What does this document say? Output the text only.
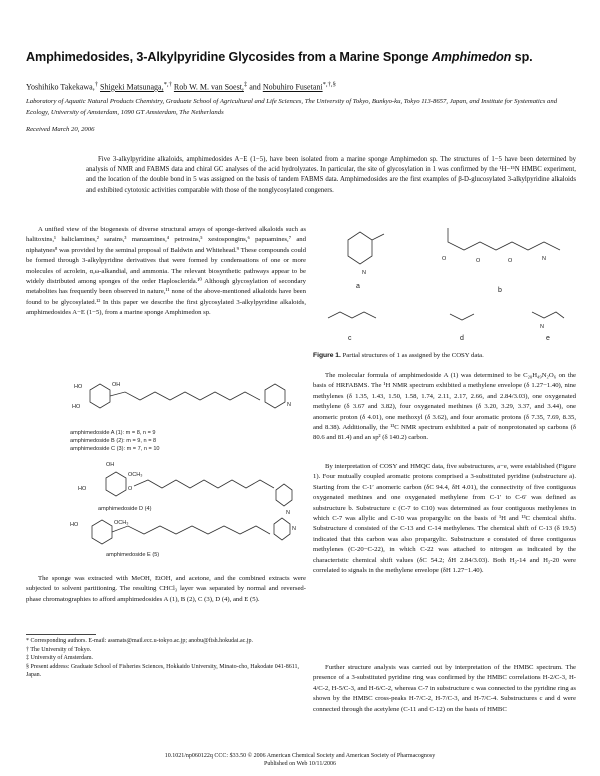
Amphimedosides, 3-Alkylpyridine Glycosides from a Marine Sponge Amphimedon sp.
Yoshihiko Takekawa,† Shigeki Matsunaga,*,† Rob W. M. van Soest,‡ and Nobuhiro Fusetani*,†,§
Laboratory of Aquatic Natural Products Chemistry, Graduate School of Agricultural and Life Sciences, The University of Tokyo, Bunkyo-ku, Tokyo 113-8657, Japan, and Institute for Systematics and Ecology, University of Amsterdam, 1090 GT Amsterdam, The Netherlands
Received March 20, 2006

Five 3-alkylpyridine alkaloids, amphimedosides A−E (1−5), have been isolated from a marine sponge Amphimedon sp. The structures of 1−5 have been determined by analysis of NMR and FABMS data and chiral GC analyses of the acid hydrolyzates. In particular, the site of glycosylation in 1 was confirmed by the ¹H−¹⁵N HMBC experiment, and the location of the double bond in 5 was assigned on the basis of tandem FABMS data. Amphimedosides are the first examples of β-D-glucosylated 3-alkylpyridine alkaloids and exhibited cytotoxic activities comparable with those of the nonglycosylated congeners.

A unified view of the biogenesis of diverse structural arrays of sponge-derived alkaloids such as halitoxins,¹ haliclamines,² sarains,³ manzamines,⁴ petrosins,⁵ xestospongins,⁶ papuamines,⁷ and niphatynes⁸ was provided by the seminal proposal of Baldwin and Whitehead.⁹ These compounds could be formed through 3-alkylpyridine derivatives that were formed by condensations of one or more molecules of acrolein, α,ω-alkandial, and ammonia. The relevant biosynthetic pathways appear to be widely distributed among sponges of the order Haplosclerida.¹⁰ Although glycosylation of secondary metabolites has frequently been observed in nature,¹¹ none of the above-mentioned alkaloids have been found to be glycosylated.¹² In this paper we describe the first glycosylated 3-alkylpyridine alkaloids, amphimedosides A−E (1−5), from a marine sponge Amphimedon sp.

HO	OH
HO	N
amphimedoside A (1): m = 8, n = 9
amphimedoside B (2): m = 9, n = 8
amphimedoside C (3): m = 7, n = 10
OH
OCH₃
HO	O
N
amphimedoside D (4)
HO	OCH₃
N
amphimedoside E (5)

The sponge was extracted with MeOH, EtOH, and acetone, and the combined extracts were subjected to solvent partitioning. The resulting CHCl₃ layer was separated by normal and reversed-phase chromatographies to afford amphimedosides A (1), B (2), C (3), D (4), and E (5).

* Corresponding authors. E-mail: assmats@mail.ecc.u-tokyo.ac.jp; anobu@fish.hokudai.ac.jp.
† The University of Tokyo.
‡ University of Amsterdam.
§ Present address: Graduate School of Fisheries Sciences, Hokkaido University, Minato-cho, Hakodate 041-8611, Japan.
N
a
O	O	O	N
b
c	d
N
e
Figure 1. Partial structures of 1 as assigned by the COSY data.

The molecular formula of amphimedoside A (1) was determined to be C₂₈H₄₉N₂O₆ on the basis of HRFABMS. The ¹H NMR spectrum exhibited a methylene envelope (δ 1.27−1.40), nine methylenes (δ 1.35, 1.43, 1.50, 1.58, 1.74, 2.11, 2.17, 2.66, and 2.84/3.03), one oxygenated methylene (δ 3.67 and 3.82), four oxygenated methines (δ 3.20, 3.29, 3.37, and 3.44), one anomeric proton (δ 4.01), one methoxyl (δ 3.62), and four aromatic protons (δ 7.35, 7.69, 8.35, and 8.38). Additionally, the ¹³C NMR spectrum exhibited a pair of nonprotonated sp carbons (δ 80.6 and 81.4) and an sp² (δ 140.2) carbon.

By interpretation of COSY and HMQC data, five substructures, a−e, were established (Figure 1). Four mutually coupled aromatic protons comprised a 3-substituted pyridine (substructure a). Starting from the C-1′ anomeric carbon (δC 94.4, δH 4.01), the connectivity of five contiguous oxygenated methines and one oxygenated methylene from C-1′ to C-6′ was defined as substructure b. Substructure c (C-7 to C10) was determined as four contiguous methylenes in which C-7 was allylic and C-10 was propargylic on the basis of ¹H and ¹³C chemical shifts. Substructure d consisted of the C-13 and C-14 methylenes. The chemical shift of C-13 (δ 19.5) indicated that this carbon was also propargylic. Substructure e consisted of three contiguous methylenes (C-20−C-22), in which C-22 was attached to nitrogen as indicated by the characteristic chemical shift values (δC 54.2; δH 2.84/3.03). Both H₂-14 and H₂-20 were correlated to signals in the methylene envelope (δH 1.27−1.40).

Further structure analysis was carried out by interpretation of the HMBC spectrum. The presence of a 3-substituted pyridine ring was confirmed by the HMBC correlations H-2/C-3, H-4/C-2, H-5/C-3, and H-6/C-2, whereas C-7 in substructure c was connected to the pyridine ring as shown by the HMBC cross-peaks H-7/C-2, H-7/C-3, and H-7/C-4. Substructures c and d were connected through the acetylene (C-11 and C-12) on the basis of HMBC

10.1021/np060122q CCC: $33.50 © 2006 American Chemical Society and American Society of Pharmacognosy
Published on Web 10/11/2006
